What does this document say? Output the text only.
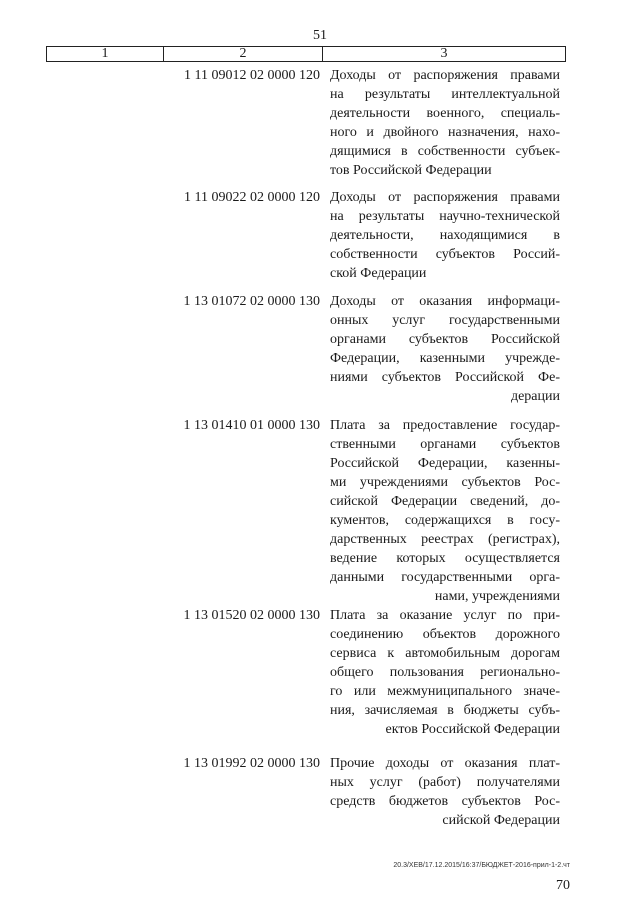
51
1	2	3
1 11 09012 02 0000 120 Доходы от распоряжения правами
на результаты интеллектуальной
деятельности военного, специаль-
ного и двойного назначения, нахо-
дящимися в собственности субъек-
тов Российской Федерации
1 11 09022 02 0000 120 Доходы от распоряжения правами
на результаты научно-технической
деятельности, находящимися в
собственности субъектов Россий-
ской Федерации
1 13 01072 02 0000 130 Доходы от оказания информаци-
онных услуг государственными
органами субъектов Российской
Федерации, казенными учрежде-
ниями субъектов Российской Фе-
дерации
1 13 01410 01 0000 130 Плата за предоставление государ-
ственными органами субъектов
Российской Федерации, казенны-
ми учреждениями субъектов Рос-
сийской Федерации сведений, до-
кументов, содержащихся в госу-
дарственных реестрах (регистрах),
ведение которых осуществляется
данными государственными орга-
нами, учреждениями
1 13 01520 02 0000 130 Плата за оказание услуг по при-
соединению объектов дорожного
сервиса к автомобильным дорогам
общего пользования регионально-
го или межмуниципального значе-
ния, зачисляемая в бюджеты субъ-
ектов Российской Федерации
1 13 01992 02 0000 130 Прочие доходы от оказания плат-
ных услуг (работ) получателями
средств бюджетов субъектов Рос-
сийской Федерации
20.3/ХЕВ/17.12.2015/16:37/БЮДЖЕТ-2016-прил-1-2.чт
70
